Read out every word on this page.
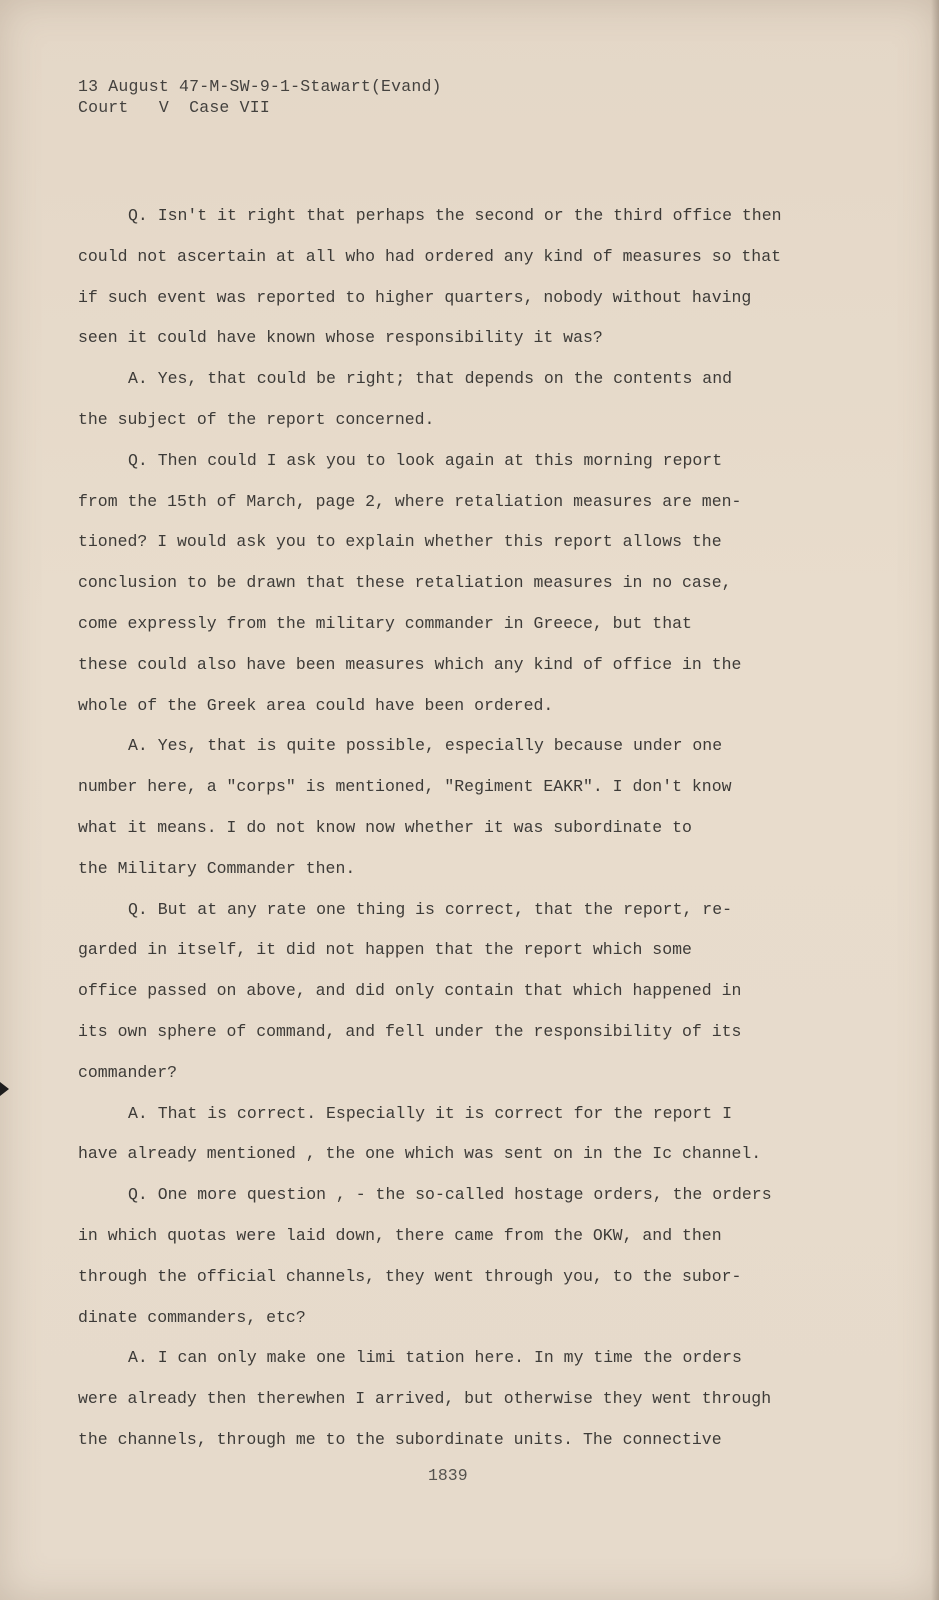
13 August 47-M-SW-9-1-Stawart(Evand)
Court   V  Case VII

Q. Isn't it right that perhaps the second or the third office then

could not ascertain at all who had ordered any kind of measures so that

if such event was reported to higher quarters, nobody without having

seen it could have known whose responsibility it was?

A. Yes, that could be right; that depends on the contents and

the subject of the report concerned.

Q. Then could I ask you to look again at this morning report

from the 15th of March, page 2, where retaliation measures are men-

tioned? I would ask you to explain whether this report allows the

conclusion to be drawn that these retaliation measures in no case,

come expressly from the military commander in Greece, but that

these could also have been measures which any kind of office in the

whole of the Greek area could have been ordered.

A. Yes, that is quite possible, especially because under one

number here, a "corps" is mentioned, "Regiment EAKR". I don't know

what it means. I do not know now whether it was subordinate to

the Military Commander then.

Q. But at any rate one thing is correct, that the report, re-

garded in itself, it did not happen that the report which some

office passed on above, and did only contain that which happened in

its own sphere of command, and fell under the responsibility of its

commander?

A. That is correct. Especially it is correct for the report I

have already mentioned , the one which was sent on in the Ic channel.

Q. One more question , - the so-called hostage orders, the orders

in which quotas were laid down, there came from the OKW, and then

through the official channels, they went through you, to the subor-

dinate commanders, etc?

A. I can only make one limi tation here. In my time the orders

were already then therewhen I arrived, but otherwise they went through

the channels, through me to the subordinate units. The connective

1839
